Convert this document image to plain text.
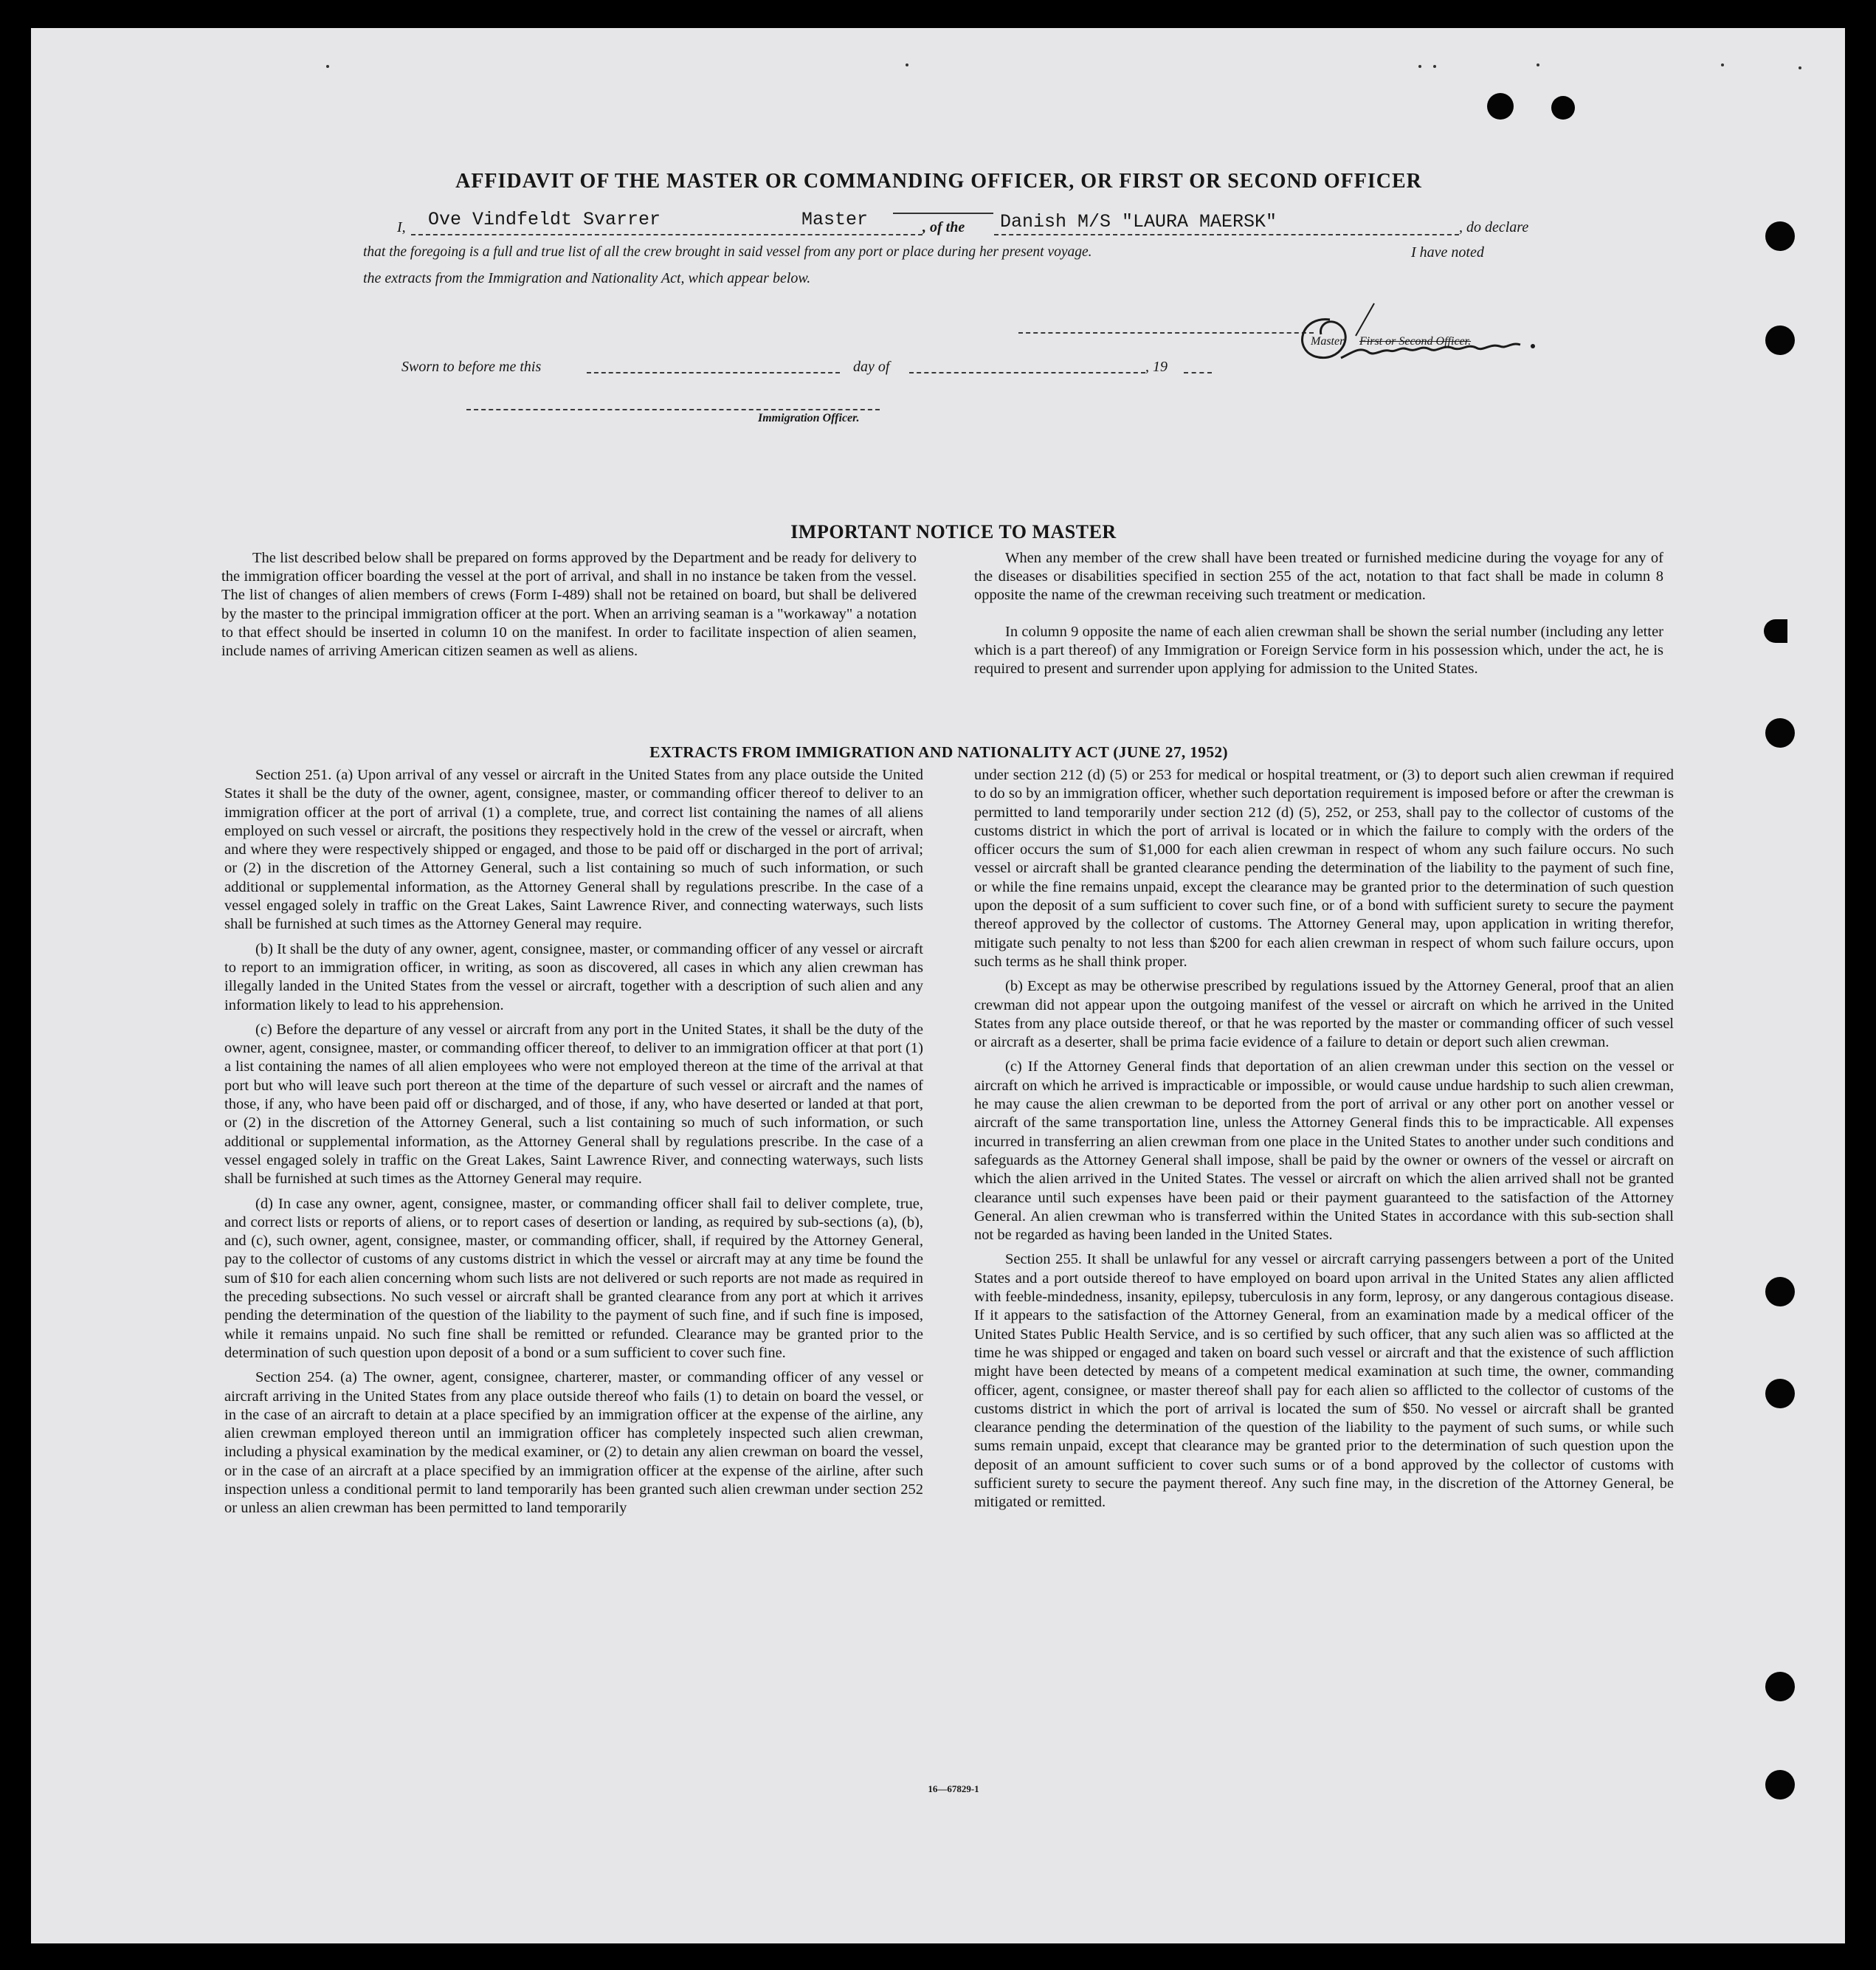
AFFIDAVIT OF THE MASTER OR COMMANDING OFFICER, OR FIRST OR SECOND OFFICER
I, Ove Vindfeldt Svarrer	Master	, of the Danish M/S "LAURA MAERSK"	, do declare
that the foregoing is a full and true list of all the crew brought in said vessel from any port or place during her present voyage.	I have noted
the extracts from the Immigration and Nationality Act, which appear below.
Master, First or Second Officer.
Sworn to before me this	day of	, 19
Immigration Officer.
IMPORTANT NOTICE TO MASTER
The list described below shall be prepared on forms approved by the Department and be ready for delivery to the immigration officer boarding the vessel at the port of arrival, and shall in no instance be taken from the vessel. The list of changes of alien members of crews (Form I-489) shall not be retained on board, but shall be delivered by the master to the principal immigration officer at the port. When an arriving seaman is a "workaway" a notation to that effect should be inserted in column 10 on the manifest. In order to facilitate inspection of alien seamen, include names of arriving American citizen seamen as well as aliens.
When any member of the crew shall have been treated or furnished medicine during the voyage for any of the diseases or disabilities specified in section 255 of the act, notation to that fact shall be made in column 8 opposite the name of the crewman receiving such treatment or medication.
In column 9 opposite the name of each alien crewman shall be shown the serial number (including any letter which is a part thereof) of any Immigration or Foreign Service form in his possession which, under the act, he is required to present and surrender upon applying for admission to the United States.
EXTRACTS FROM IMMIGRATION AND NATIONALITY ACT (JUNE 27, 1952)

Section 251. (a) Upon arrival of any vessel or aircraft in the United States from any place outside the United States it shall be the duty of the owner, agent, consignee, master, or commanding officer thereof to deliver to an immigration officer at the port of arrival (1) a complete, true, and correct list containing the names of all aliens employed on such vessel or aircraft, the positions they respectively hold in the crew of the vessel or aircraft, when and where they were respectively shipped or engaged, and those to be paid off or discharged in the port of arrival; or (2) in the discretion of the Attorney General, such a list containing so much of such information, or such additional or supplemental information, as the Attorney General shall by regulations prescribe. In the case of a vessel engaged solely in traffic on the Great Lakes, Saint Lawrence River, and connecting waterways, such lists shall be furnished at such times as the Attorney General may require.

(b) It shall be the duty of any owner, agent, consignee, master, or commanding officer of any vessel or aircraft to report to an immigration officer, in writing, as soon as discovered, all cases in which any alien crewman has illegally landed in the United States from the vessel or aircraft, together with a description of such alien and any information likely to lead to his apprehension.

(c) Before the departure of any vessel or aircraft from any port in the United States, it shall be the duty of the owner, agent, consignee, master, or commanding officer thereof, to deliver to an immigration officer at that port (1) a list containing the names of all alien employees who were not employed thereon at the time of the arrival at that port but who will leave such port thereon at the time of the departure of such vessel or aircraft and the names of those, if any, who have been paid off or discharged, and of those, if any, who have deserted or landed at that port, or (2) in the discretion of the Attorney General, such a list containing so much of such information, or such additional or supplemental information, as the Attorney General shall by regulations prescribe. In the case of a vessel engaged solely in traffic on the Great Lakes, Saint Lawrence River, and connecting waterways, such lists shall be furnished at such times as the Attorney General may require.

(d) In case any owner, agent, consignee, master, or commanding officer shall fail to deliver complete, true, and correct lists or reports of aliens, or to report cases of desertion or landing, as required by sub-sections (a), (b), and (c), such owner, agent, consignee, master, or commanding officer, shall, if required by the Attorney General, pay to the collector of customs of any customs district in which the vessel or aircraft may at any time be found the sum of $10 for each alien concerning whom such lists are not delivered or such reports are not made as required in the preceding subsections. No such vessel or aircraft shall be granted clearance from any port at which it arrives pending the determination of the question of the liability to the payment of such fine, and if such fine is imposed, while it remains unpaid. No such fine shall be remitted or refunded. Clearance may be granted prior to the determination of such question upon deposit of a bond or a sum sufficient to cover such fine.

Section 254. (a) The owner, agent, consignee, charterer, master, or commanding officer of any vessel or aircraft arriving in the United States from any place outside thereof who fails (1) to detain on board the vessel, or in the case of an aircraft to detain at a place specified by an immigration officer at the expense of the airline, any alien crewman employed thereon until an immigration officer has completely inspected such alien crewman, including a physical examination by the medical examiner, or (2) to detain any alien crewman on board the vessel, or in the case of an aircraft at a place specified by an immigration officer at the expense of the airline, after such inspection unless a conditional permit to land temporarily has been granted such alien crewman under section 252 or unless an alien crewman has been permitted to land temporarily

under section 212 (d) (5) or 253 for medical or hospital treatment, or (3) to deport such alien crewman if required to do so by an immigration officer, whether such deportation requirement is imposed before or after the crewman is permitted to land temporarily under section 212 (d) (5), 252, or 253, shall pay to the collector of customs of the customs district in which the port of arrival is located or in which the failure to comply with the orders of the officer occurs the sum of $1,000 for each alien crewman in respect of whom any such failure occurs. No such vessel or aircraft shall be granted clearance pending the determination of the liability to the payment of such fine, or while the fine remains unpaid, except the clearance may be granted prior to the determination of such question upon the deposit of a sum sufficient to cover such fine, or of a bond with sufficient surety to secure the payment thereof approved by the collector of customs. The Attorney General may, upon application in writing therefor, mitigate such penalty to not less than $200 for each alien crewman in respect of whom such failure occurs, upon such terms as he shall think proper.

(b) Except as may be otherwise prescribed by regulations issued by the Attorney General, proof that an alien crewman did not appear upon the outgoing manifest of the vessel or aircraft on which he arrived in the United States from any place outside thereof, or that he was reported by the master or commanding officer of such vessel or aircraft as a deserter, shall be prima facie evidence of a failure to detain or deport such alien crewman.

(c) If the Attorney General finds that deportation of an alien crewman under this section on the vessel or aircraft on which he arrived is impracticable or impossible, or would cause undue hardship to such alien crewman, he may cause the alien crewman to be deported from the port of arrival or any other port on another vessel or aircraft of the same transportation line, unless the Attorney General finds this to be impracticable. All expenses incurred in transferring an alien crewman from one place in the United States to another under such conditions and safeguards as the Attorney General shall impose, shall be paid by the owner or owners of the vessel or aircraft on which the alien arrived in the United States. The vessel or aircraft on which the alien arrived shall not be granted clearance until such expenses have been paid or their payment guaranteed to the satisfaction of the Attorney General. An alien crewman who is transferred within the United States in accordance with this sub-section shall not be regarded as having been landed in the United States.

Section 255. It shall be unlawful for any vessel or aircraft carrying passengers between a port of the United States and a port outside thereof to have employed on board upon arrival in the United States any alien afflicted with feeble-mindedness, insanity, epilepsy, tuberculosis in any form, leprosy, or any dangerous contagious disease. If it appears to the satisfaction of the Attorney General, from an examination made by a medical officer of the United States Public Health Service, and is so certified by such officer, that any such alien was so afflicted at the time he was shipped or engaged and taken on board such vessel or aircraft and that the existence of such affliction might have been detected by means of a competent medical examination at such time, the owner, commanding officer, agent, consignee, or master thereof shall pay for each alien so afflicted to the collector of customs of the customs district in which the port of arrival is located the sum of $50. No vessel or aircraft shall be granted clearance pending the determination of the question of the liability to the payment of such sums, or while such sums remain unpaid, except that clearance may be granted prior to the determination of such question upon the deposit of an amount sufficient to cover such sums or of a bond approved by the collector of customs with sufficient surety to secure the payment thereof. Any such fine may, in the discretion of the Attorney General, be mitigated or remitted.

16—67829-1
